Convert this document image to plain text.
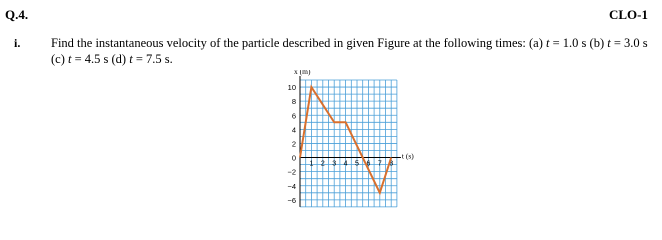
Q.4.	CLO-1
i. Find the instantaneous velocity of the particle described in given Figure at the following times: (a) t = 1.0 s (b) t = 3.0 s
(c) t = 4.5 s (d) t = 7.5 s.
10
8
6
4
2
0
−2
−4
−6
1 2 3 4 5 6 7 8
x (m)
t (s)
